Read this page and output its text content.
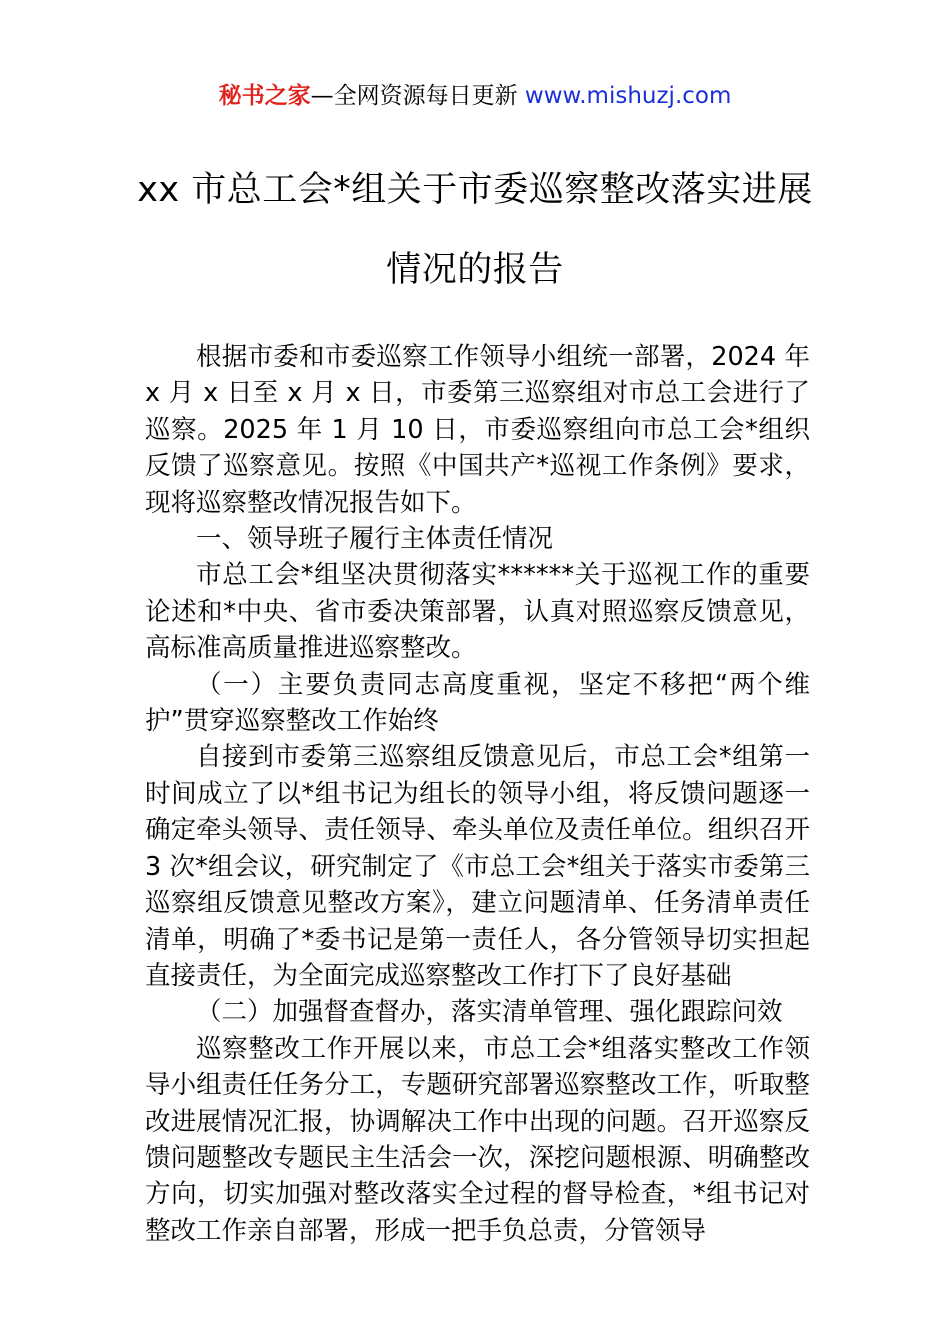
秘书之家—全网资源每日更新 www.mishuzj.com
xx 市总工会*组关于市委巡察整改落实进展
情况的报告

根据市委和市委巡察工作领导小组统一部署，2024 年 x 月 x 日至 x 月 x 日，市委第三巡察组对市总工会进行了巡察。2025 年 1 月 10 日，市委巡察组向市总工会*组织反馈了巡察意见。按照《中国共产*巡视工作条例》要求，现将巡察整改情况报告如下。

一、领导班子履行主体责任情况

市总工会*组坚决贯彻落实******关于巡视工作的重要论述和*中央、省市委决策部署，认真对照巡察反馈意见，高标准高质量推进巡察整改。

（一）主要负责同志高度重视，坚定不移把“两个维护”贯穿巡察整改工作始终

自接到市委第三巡察组反馈意见后，市总工会*组第一时间成立了以*组书记为组长的领导小组，将反馈问题逐一确定牵头领导、责任领导、牵头单位及责任单位。组织召开 3 次*组会议，研究制定了《市总工会*组关于落实市委第三巡察组反馈意见整改方案》，建立问题清单、任务清单责任清单，明确了*委书记是第一责任人，各分管领导切实担起直接责任，为全面完成巡察整改工作打下了良好基础

（二）加强督查督办，落实清单管理、强化跟踪问效

巡察整改工作开展以来，市总工会*组落实整改工作领导小组责任任务分工，专题研究部署巡察整改工作，听取整改进展情况汇报，协调解决工作中出现的问题。召开巡察反馈问题整改专题民主生活会一次，深挖问题根源、明确整改方向，切实加强对整改落实全过程的督导检查，*组书记对整改工作亲自部署，形成一把手负总责，分管领导
